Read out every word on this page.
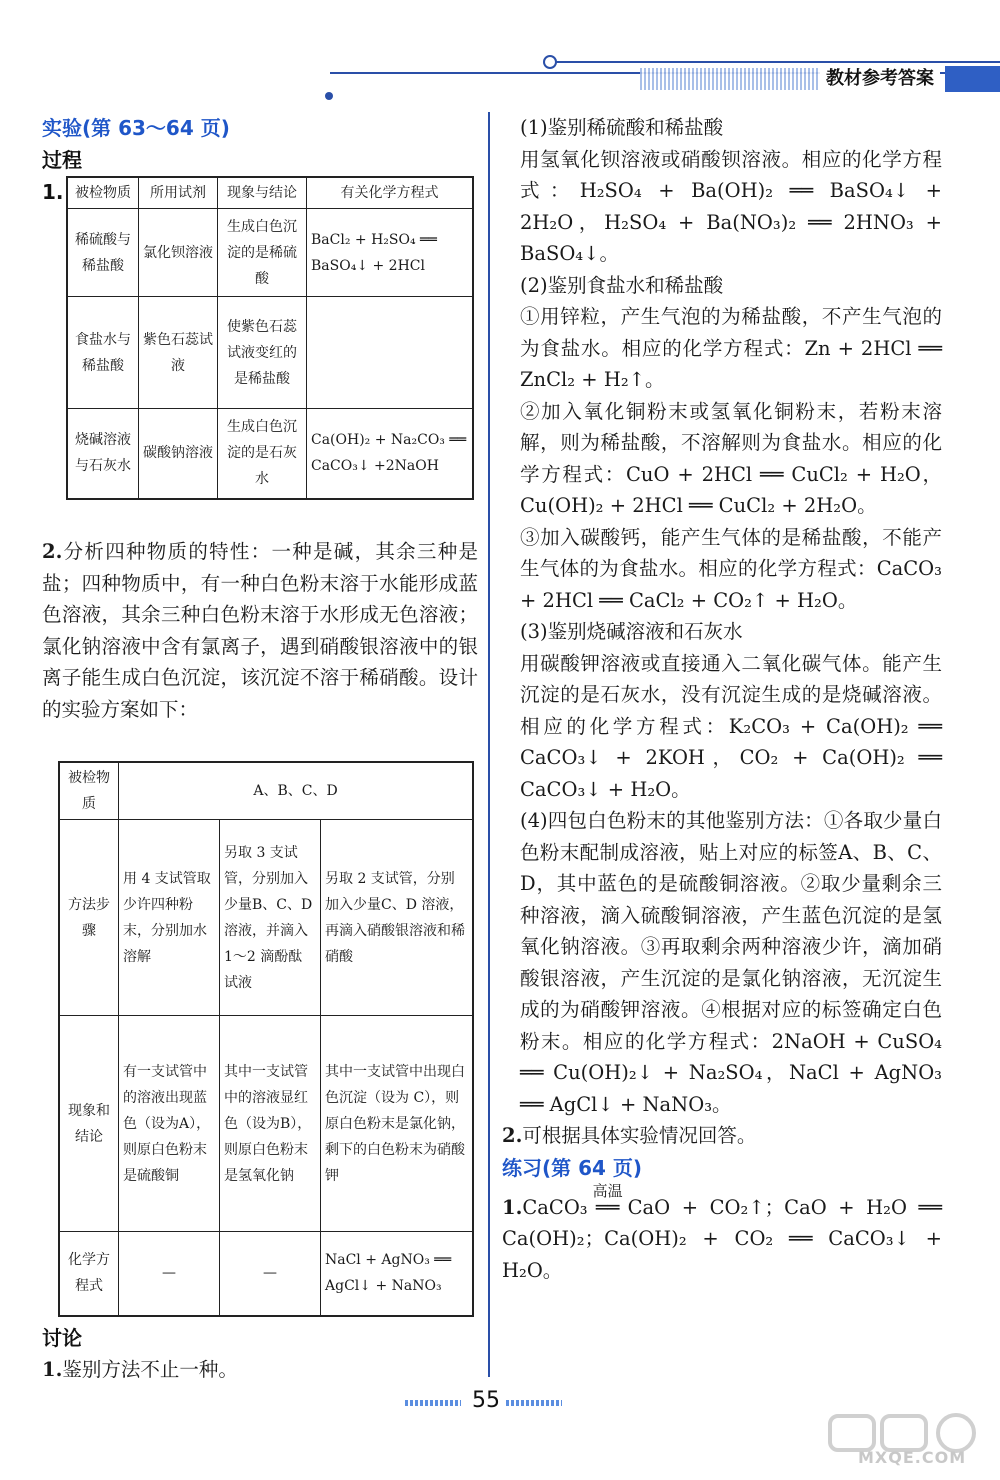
教材参考答案
实验(第 63～64 页)
过程
1. 被检物质	所用试剂	现象与结论	有关化学方程式
稀硫酸与稀盐酸	氯化钡溶液	生成白色沉淀的是稀硫酸	BaCl₂ + H₂SO₄ ══ BaSO₄↓ + 2HCl
食盐水与稀盐酸	紫色石蕊试液	使紫色石蕊试液变红的是稀盐酸	
烧碱溶液与石灰水	碳酸钠溶液	生成白色沉淀的是石灰水	Ca(OH)₂ + Na₂CO₃ ══ CaCO₃↓ +2NaOH

2.分析四种物质的特性：一种是碱，其余三种是盐；四种物质中，有一种白色粉末溶于水能形成蓝色溶液，其余三种白色粉末溶于水形成无色溶液；氯化钠溶液中含有氯离子，遇到硝酸银溶液中的银离子能生成白色沉淀，该沉淀不溶于稀硝酸。设计的实验方案如下：

被检物质	A、B、C、D		
方法步骤	用 4 支试管取少许四种粉末，分别加水溶解	另取 3 支试管，分别加入少量B、C、D 溶液，并滴入1～2 滴酚酞试液	另取 2 支试管，分别加入少量C、D 溶液，再滴入硝酸银溶液和稀硝酸
现象和结论	有一支试管中的溶液出现蓝色（设为A），则原白色粉末是硫酸铜	其中一支试管中的溶液显红色（设为B），则原白色粉末是氢氧化钠	其中一支试管中出现白色沉淀（设为 C），则原白色粉末是氯化钠，剩下的白色粉末为硝酸钾
化学方程式	—	—	NaCl + AgNO₃ ══ AgCl↓ + NaNO₃
讨论

1.鉴别方法不止一种。

(1)鉴别稀硫酸和稀盐酸

用氢氧化钡溶液或硝酸钡溶液。相应的化学方程式：H₂SO₄ + Ba(OH)₂ ══ BaSO₄↓ + 2H₂O，H₂SO₄ + Ba(NO₃)₂ ══ 2HNO₃ + BaSO₄↓。

(2)鉴别食盐水和稀盐酸

①用锌粒，产生气泡的为稀盐酸，不产生气泡的为食盐水。相应的化学方程式：Zn + 2HCl ══ ZnCl₂ + H₂↑。

②加入氧化铜粉末或氢氧化铜粉末，若粉末溶解，则为稀盐酸，不溶解则为食盐水。相应的化学方程式：CuO + 2HCl ══ CuCl₂ + H₂O，Cu(OH)₂ + 2HCl ══ CuCl₂ + 2H₂O。

③加入碳酸钙，能产生气体的是稀盐酸，不能产生气体的为食盐水。相应的化学方程式：CaCO₃ + 2HCl ══ CaCl₂ + CO₂↑ + H₂O。

(3)鉴别烧碱溶液和石灰水

用碳酸钾溶液或直接通入二氧化碳气体。能产生沉淀的是石灰水，没有沉淀生成的是烧碱溶液。相应的化学方程式：K₂CO₃ + Ca(OH)₂ ══ CaCO₃↓ + 2KOH，CO₂ + Ca(OH)₂ ══ CaCO₃↓ + H₂O。

(4)四包白色粉末的其他鉴别方法：①各取少量白色粉末配制成溶液，贴上对应的标签A、B、C、D，其中蓝色的是硫酸铜溶液。②取少量剩余三种溶液，滴入硫酸铜溶液，产生蓝色沉淀的是氢氧化钠溶液。③再取剩余两种溶液少许，滴加硝酸银溶液，产生沉淀的是氯化钠溶液，无沉淀生成的为硝酸钾溶液。④根据对应的标签确定白色粉末。相应的化学方程式：2NaOH + CuSO₄ ══ Cu(OH)₂↓ + Na₂SO₄，NaCl + AgNO₃ ══ AgCl↓ + NaNO₃。

2.可根据具体实验情况回答。

练习(第 64 页)

1.CaCO₃
高温
══ CaO + CO₂↑；CaO + H₂O ══ Ca(OH)₂；Ca(OH)₂ + CO₂ ══ CaCO₃↓ + H₂O。

55
MXQE.COM
